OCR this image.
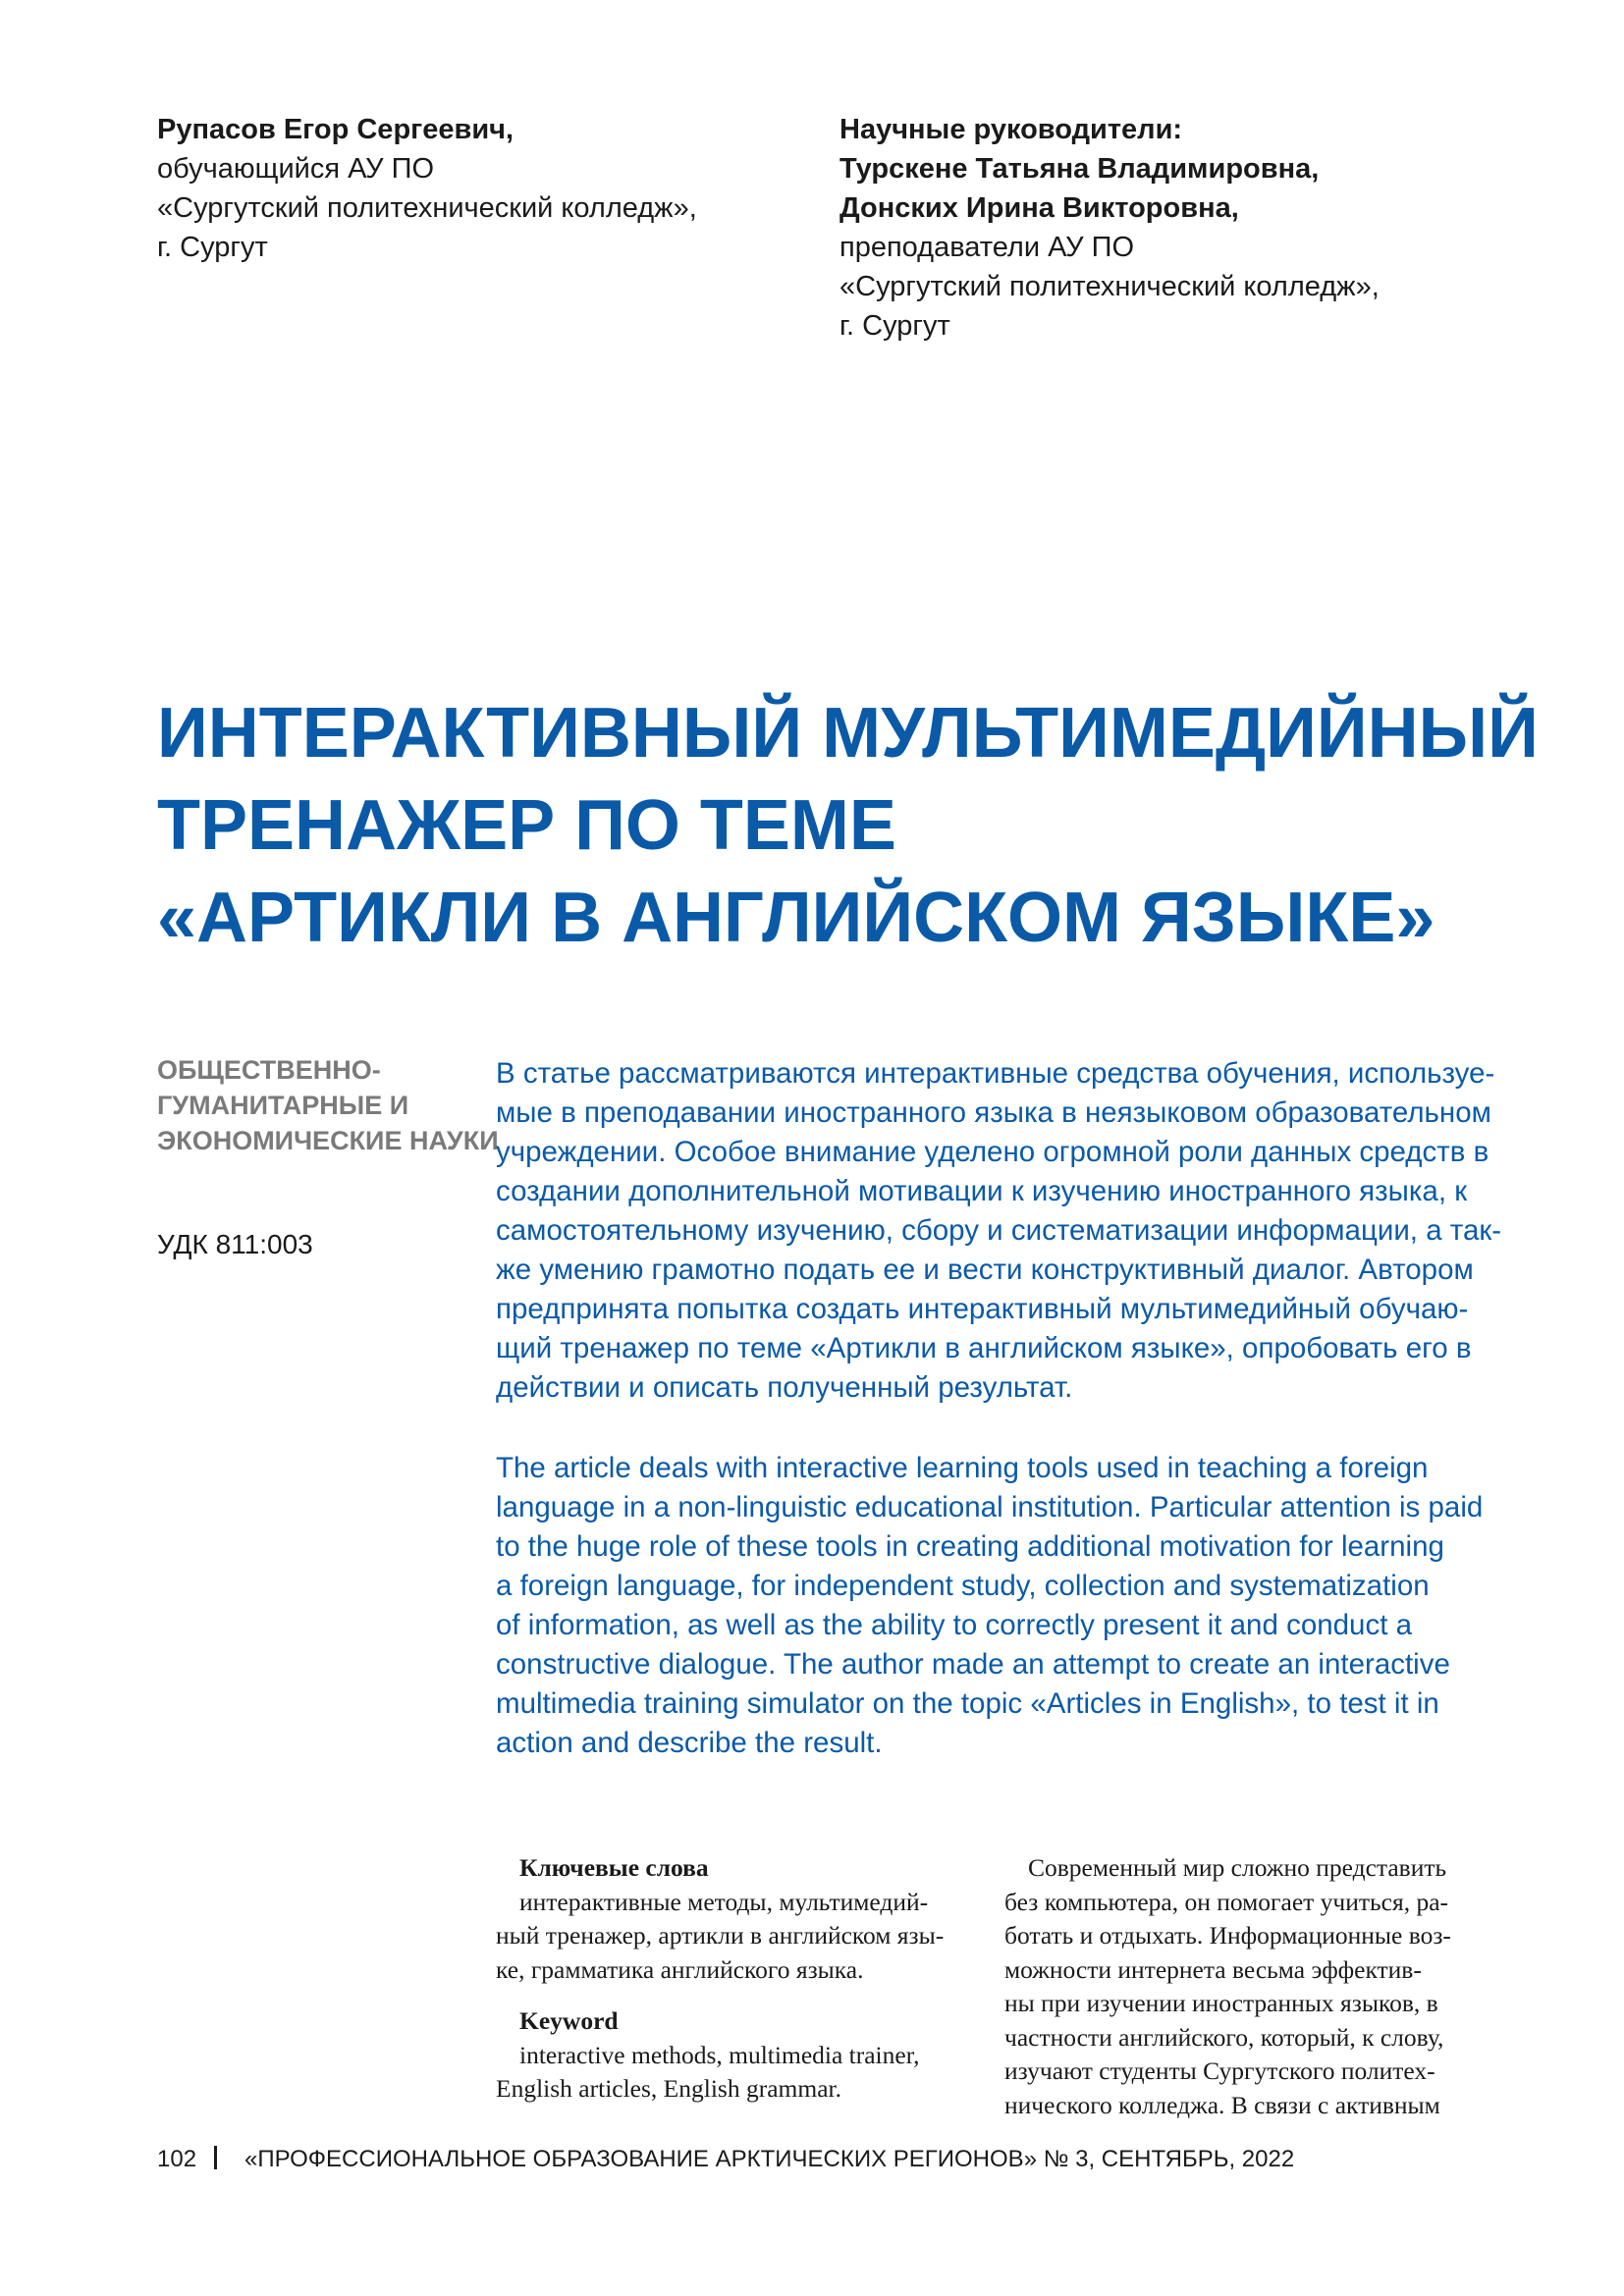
Рупасов Егор Сергеевич,
обучающийся АУ ПО
«Сургутский политехнический колледж»,
г. Сургут
Научные руководители:
Турскене Татьяна Владимировна,
Донских Ирина Викторовна,
преподаватели АУ ПО
«Сургутский политехнический колледж»,
г. Сургут
ИНТЕРАКТИВНЫЙ МУЛЬТИМЕДИЙНЫЙ
ТРЕНАЖЕР ПО ТЕМЕ
«АРТИКЛИ В АНГЛИЙСКОМ ЯЗЫКЕ»
ОБЩЕСТВЕННО-
ГУМАНИТАРНЫЕ И
ЭКОНОМИЧЕСКИЕ НАУКИ
УДК 811:003
В статье рассматриваются интерактивные средства обучения, используе-
мые в преподавании иностранного языка в неязыковом образовательном
учреждении. Особое внимание уделено огромной роли данных средств в
создании дополнительной мотивации к изучению иностранного языка, к
самостоятельному изучению, сбору и систематизации информации, а так-
же умению грамотно подать ее и вести конструктивный диалог. Автором
предпринята попытка создать интерактивный мультимедийный обучаю-
щий тренажер по теме «Артикли в английском языке», опробовать его в
действии и описать полученный результат.
The article deals with interactive learning tools used in teaching a foreign
language in a non-linguistic educational institution. Particular attention is paid
to the huge role of these tools in creating additional motivation for learning
a foreign language, for independent study, collection and systematization
of information, as well as the ability to correctly present it and conduct a
constructive dialogue. The author made an attempt to create an interactive
multimedia training simulator on the topic «Articles in English», to test it in
action and describe the result.
Ключевые слова
интерактивные методы, мультимедий-
ный тренажер, артикли в английском язы-
ке, грамматика английского языка.
Keyword
interactive methods, multimedia trainer,
English articles, English grammar.
Современный мир сложно представить
без компьютера, он помогает учиться, ра-
ботать и отдыхать. Информационные воз-
можности интернета весьма эффектив-
ны при изучении иностранных языков, в
частности английского, который, к слову,
изучают студенты Сургутского политех-
нического колледжа. В связи с активным
102 «ПРОФЕССИОНАЛЬНОЕ ОБРАЗОВАНИЕ АРКТИЧЕСКИХ РЕГИОНОВ» № 3, СЕНТЯБРЬ, 2022
